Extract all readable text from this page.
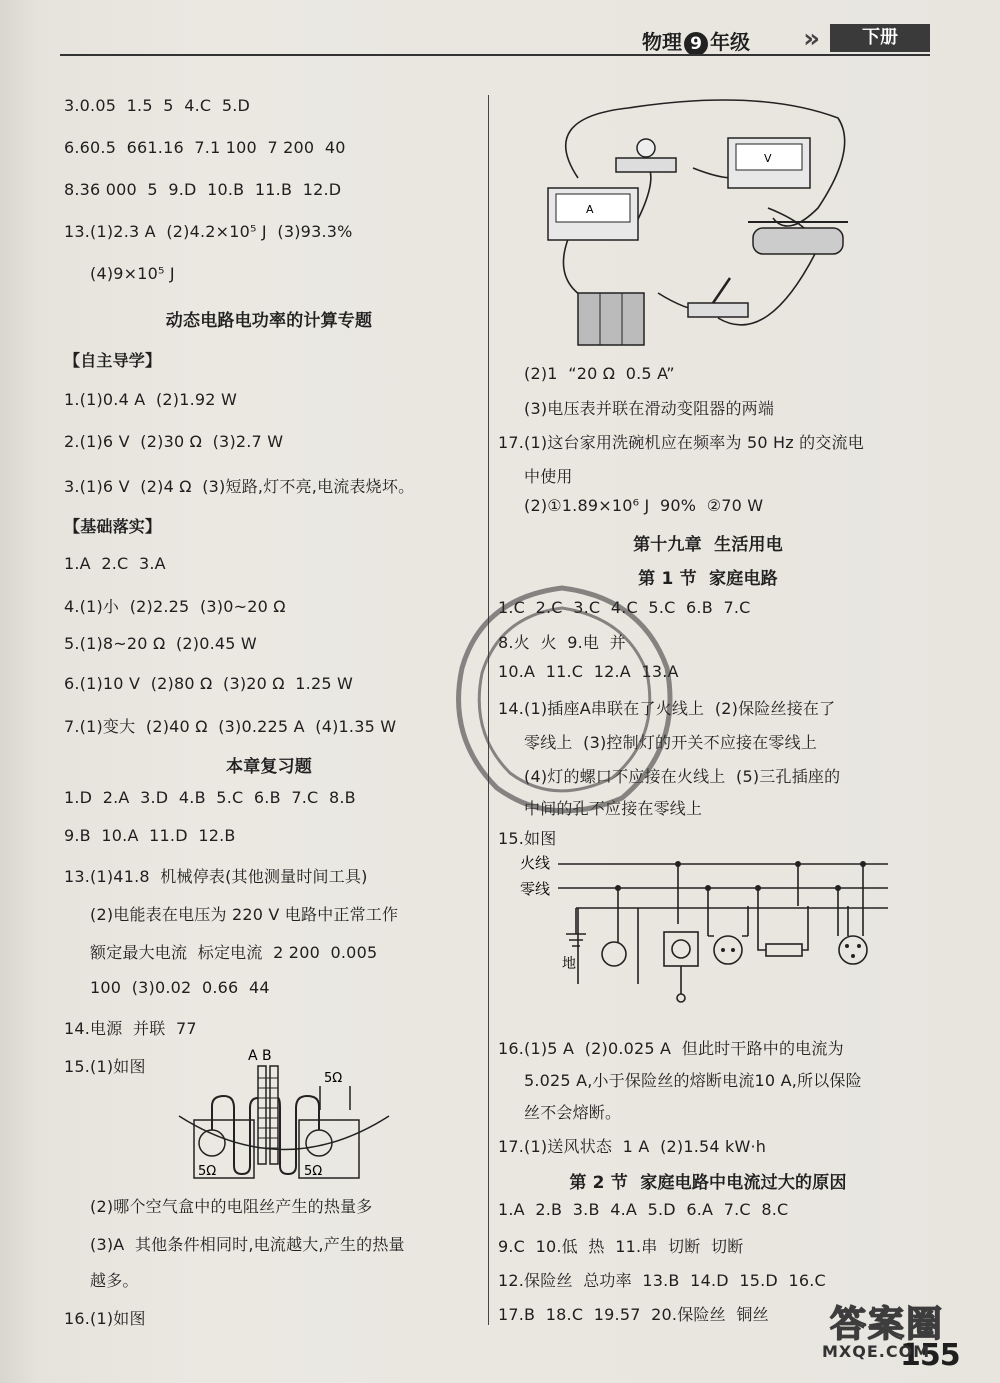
物理 9 年级 »	下册
3.0.05  1.5  5  4.C  5.D
6.60.5  661.16  7.1 100  7 200  40
8.36 000  5  9.D  10.B  11.B  12.D
13.(1)2.3 A  (2)4.2×10⁵ J  (3)93.3%
(4)9×10⁵ J
动态电路电功率的计算专题
【自主导学】
1.(1)0.4 A  (2)1.92 W
2.(1)6 V  (2)30 Ω  (3)2.7 W
3.(1)6 V  (2)4 Ω  (3)短路,灯不亮,电流表烧坏。
【基础落实】
1.A  2.C  3.A
4.(1)小  (2)2.25  (3)0~20 Ω
5.(1)8~20 Ω  (2)0.45 W
6.(1)10 V  (2)80 Ω  (3)20 Ω  1.25 W
7.(1)变大  (2)40 Ω  (3)0.225 A  (4)1.35 W
本章复习题
1.D  2.A  3.D  4.B  5.C  6.B  7.C  8.B
9.B  10.A  11.D  12.B
13.(1)41.8  机械停表(其他测量时间工具)
(2)电能表在电压为 220 V 电路中正常工作
额定最大电流  标定电流  2 200  0.005
100  (3)0.02  0.66  44
14.电源  并联  77
15.(1)如图
A B
5Ω	5Ω
5Ω
(2)哪个空气盒中的电阻丝产生的热量多
(3)A  其他条件相同时,电流越大,产生的热量
越多。
16.(1)如图
A
V
(2)1  “20 Ω  0.5 A”
(3)电压表并联在滑动变阻器的两端
17.(1)这台家用洗碗机应在频率为 50 Hz 的交流电
中使用
(2)①1.89×10⁶ J  90%  ②70 W
第十九章  生活用电
第 1 节  家庭电路
1.C  2.C  3.C  4.C  5.C  6.B  7.C
8.火  火  9.电  并
10.A  11.C  12.A  13.A
14.(1)插座A串联在了火线上  (2)保险丝接在了
零线上  (3)控制灯的开关不应接在零线上
(4)灯的螺口不应接在火线上  (5)三孔插座的
中间的孔不应接在零线上
15.如图
火线
零线
地
16.(1)5 A  (2)0.025 A  但此时干路中的电流为
5.025 A,小于保险丝的熔断电流10 A,所以保险
丝不会熔断。
17.(1)送风状态  1 A  (2)1.54 kW·h
第 2 节  家庭电路中电流过大的原因
1.A  2.B  3.B  4.A  5.D  6.A  7.C  8.C
9.C  10.低  热  11.串  切断  切断
12.保险丝  总功率  13.B  14.D  15.D  16.C
17.B  18.C  19.57  20.保险丝  铜丝
155
答案圈
MXQE.COM
